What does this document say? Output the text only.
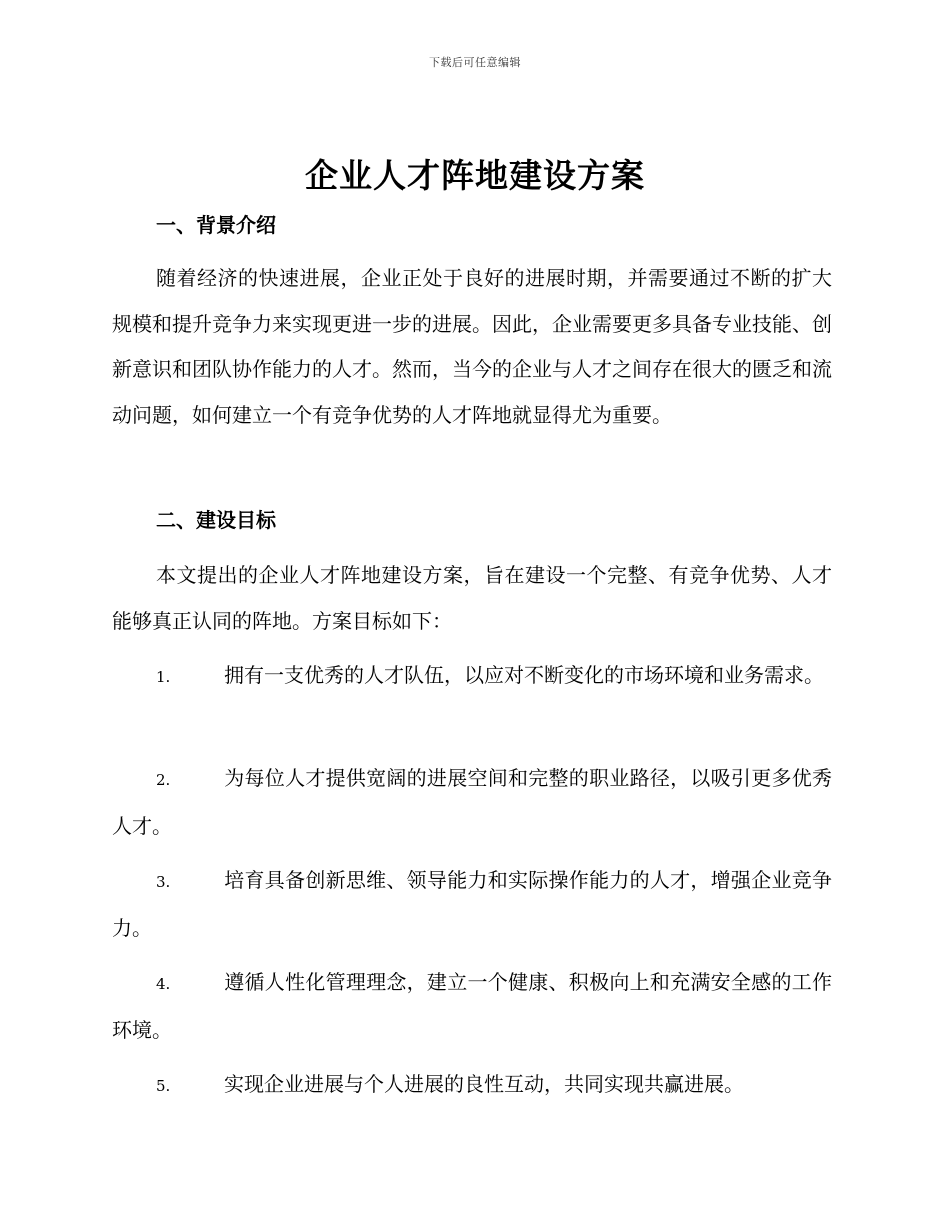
下载后可任意编辑
企业人才阵地建设方案
一、背景介绍
随着经济的快速进展，企业正处于良好的进展时期，并需要通过不断的扩大规模和提升竞争力来实现更进一步的进展。因此，企业需要更多具备专业技能、创新意识和团队协作能力的人才。然而，当今的企业与人才之间存在很大的匮乏和流动问题，如何建立一个有竞争优势的人才阵地就显得尤为重要。
二、建设目标
本文提出的企业人才阵地建设方案，旨在建设一个完整、有竞争优势、人才能够真正认同的阵地。方案目标如下：
1.	拥有一支优秀的人才队伍，以应对不断变化的市场环境和业务需求。
2.	为每位人才提供宽阔的进展空间和完整的职业路径，以吸引更多优秀人才。
3.	培育具备创新思维、领导能力和实际操作能力的人才，增强企业竞争力。
4.	遵循人性化管理理念，建立一个健康、积极向上和充满安全感的工作环境。
5.	实现企业进展与个人进展的良性互动，共同实现共赢进展。
